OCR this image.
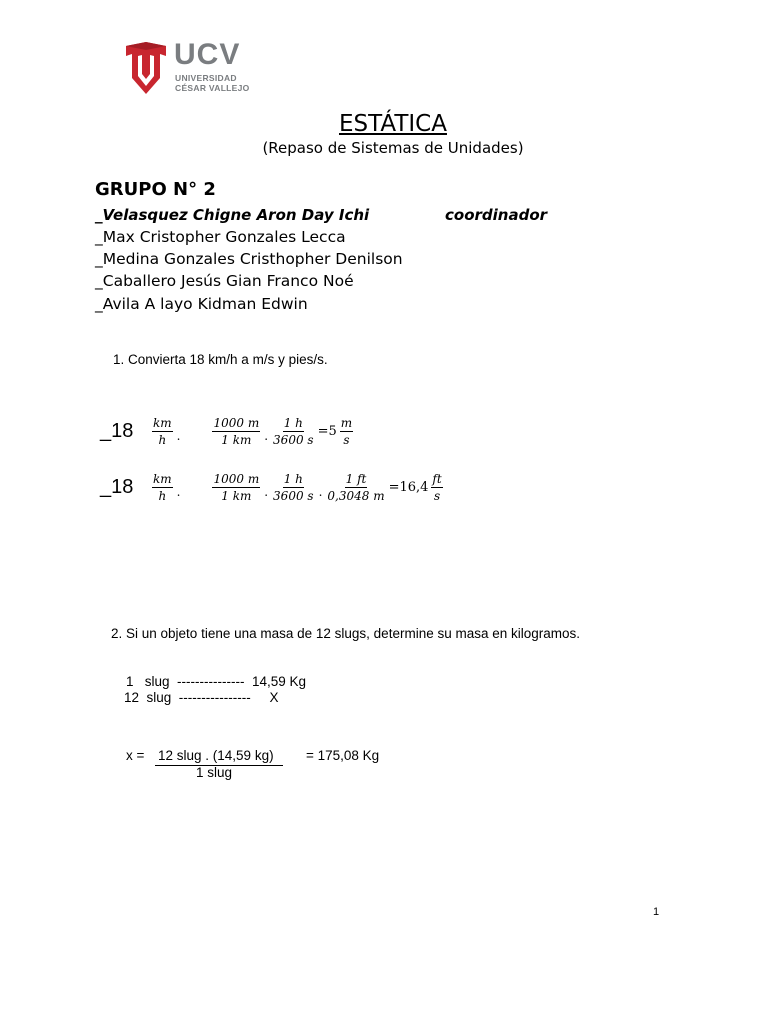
UCV
UNIVERSIDAD
CÉSAR VALLEJO
ESTÁTICA
(Repaso de Sistemas de Unidades)
GRUPO N° 2
_Velasquez Chigne Aron Day Ichi	coordinador
_Max Cristopher Gonzales Lecca
_Medina Gonzales Cristhopher Denilson
_Caballero Jesús Gian Franco Noé
_Avila A layo Kidman Edwin
1. Convierta 18 km/h a m/s y pies/s.
_18 $\frac{km}{h}$ .	$\frac{1000 m}{1 km}$ . $\frac{1 h}{3600 s} =5 \frac{m}{s}$
_18 $\frac{km}{h}$ .	$\frac{1000 m}{1 km}$ . $\frac{1 h}{3600 s}$ . $\frac{1 ft}{0,3048 m} =16,4 \frac{ft}{s}$
2. Si un objeto tiene una masa de 12 slugs, determine su masa en kilogramos.
1   slug  ---------------  14,59 Kg
12  slug  ----------------     X
x = 12 slug . (14,59 kg)
1 slug
= 175,08 Kg
1
